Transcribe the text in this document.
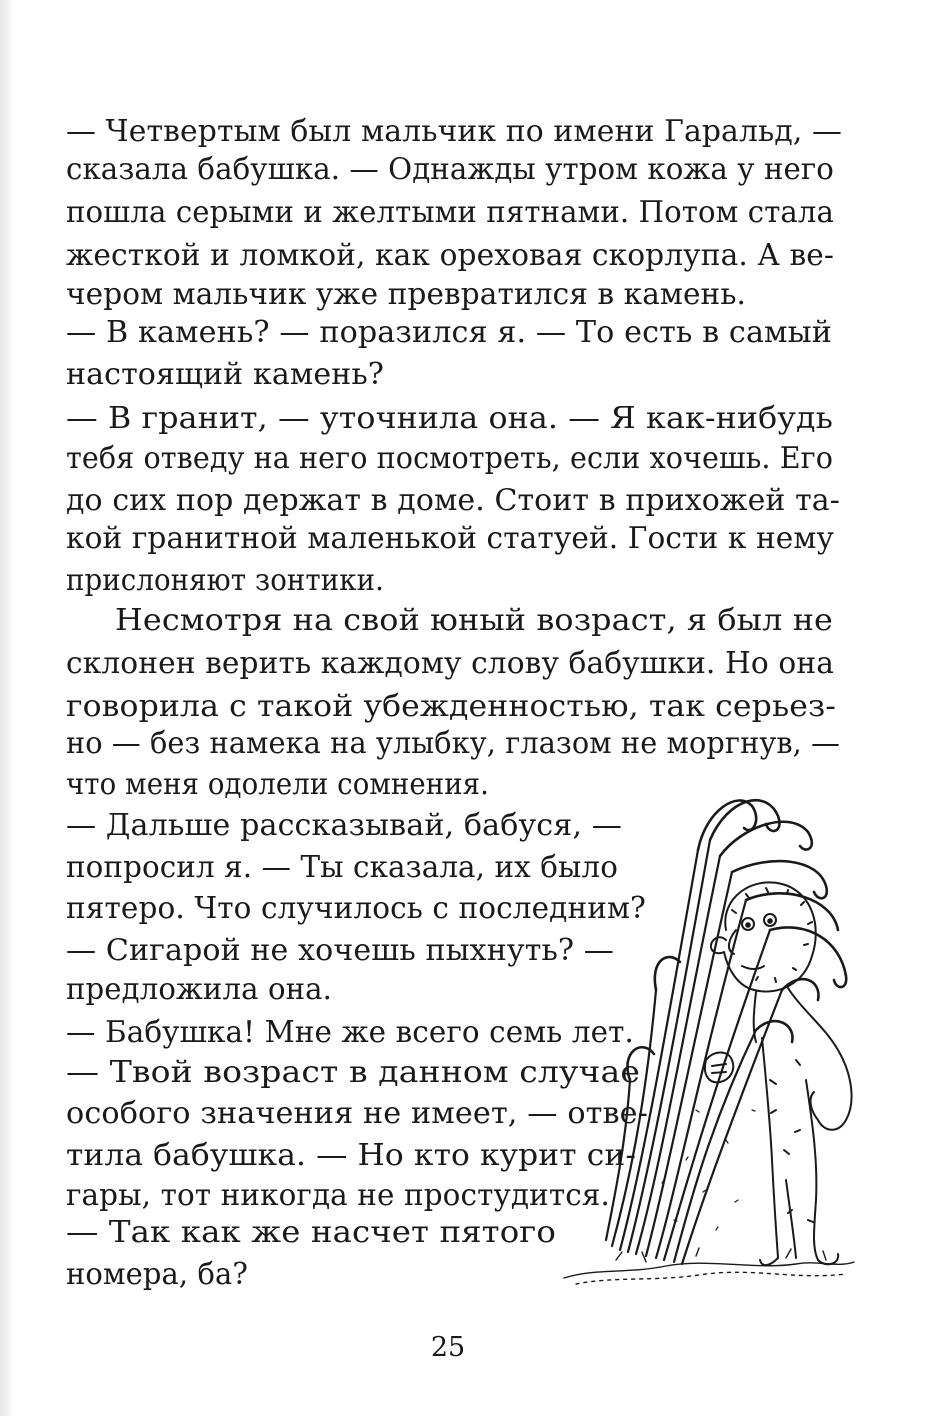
— Четвертым был мальчик по имени Гаральд, —
сказала бабушка. — Однажды утром кожа у него
пошла серыми и желтыми пятнами. Потом стала
жесткой и ломкой, как ореховая скорлупа. А ве-
чером мальчик уже превратился в камень.
— В камень? — поразился я. — То есть в самый
настоящий камень?
— В гранит, — уточнила она. — Я как-нибудь
тебя отведу на него посмотреть, если хочешь. Его
до сих пор держат в доме. Стоит в прихожей та-
кой гранитной маленькой статуей. Гости к нему
прислоняют зонтики.
Несмотря на свой юный возраст, я был не
склонен верить каждому слову бабушки. Но она
говорила с такой убежденностью, так серьез-
но — без намека на улыбку, глазом не моргнув, —
что меня одолели сомнения.
— Дальше рассказывай, бабуся, —
попросил я. — Ты сказала, их было
пятеро. Что случилось с последним?
— Сигарой не хочешь пыхнуть? —
предложила она.
— Бабушка! Мне же всего семь лет.
— Твой возраст в данном случае
особого значения не имеет, — отве-
тила бабушка. — Но кто курит си-
гары, тот никогда не простудится.
— Так как же насчет пятого
номера, ба?
25
